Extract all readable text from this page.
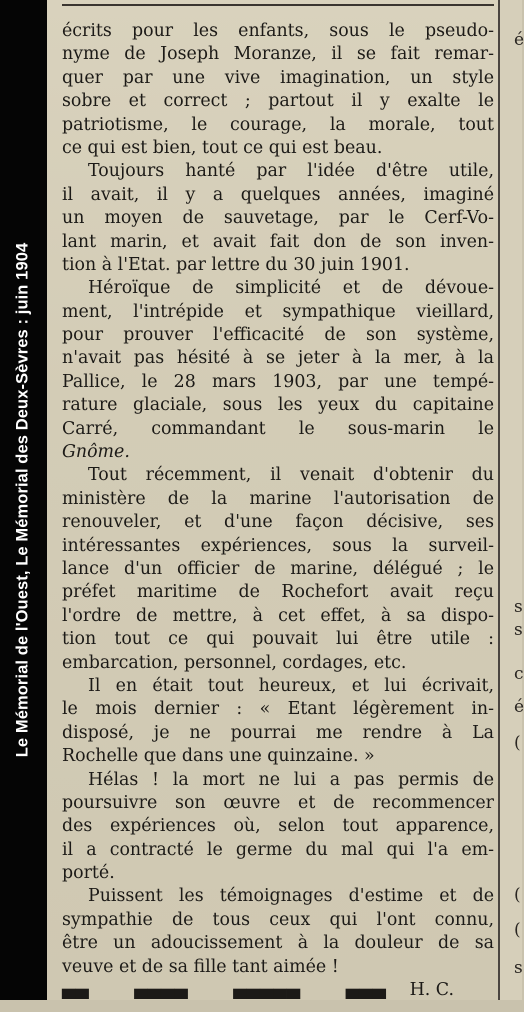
Le Mémorial de l'Ouest, Le Mémorial des Deux-Sèvres : juin 1904
é
s
s
c
é
(
(
(
s
écrits pour les enfants, sous le pseudo-
nyme de Joseph Moranze, il se fait remar-
quer par une vive imagination, un style
sobre et correct ; partout il y exalte le
patriotisme, le courage, la morale, tout
ce qui est bien, tout ce qui est beau.
Toujours hanté par l'idée d'être utile,
il avait, il y a quelques années, imaginé
un moyen de sauvetage, par le Cerf-Vo-
lant marin, et avait fait don de son inven-
tion à l'Etat. par lettre du 30 juin 1901.
Héroïque de simplicité et de dévoue-
ment, l'intrépide et sympathique vieillard,
pour prouver l'efficacité de son système,
n'avait pas hésité à se jeter à la mer, à la
Pallice, le 28 mars 1903, par une tempé-
rature glaciale, sous les yeux du capitaine
Carré, commandant le sous-marin le
Gnôme.
Tout récemment, il venait d'obtenir du
ministère de la marine l'autorisation de
renouveler, et d'une façon décisive, ses
intéressantes expériences, sous la surveil-
lance d'un officier de marine, délégué ; le
préfet maritime de Rochefort avait reçu
l'ordre de mettre, à cet effet, à sa dispo-
tion tout ce qui pouvait lui être utile :
embarcation, personnel, cordages, etc.
Il en était tout heureux, et lui écrivait,
le mois dernier : « Etant légèrement in-
disposé, je ne pourrai me rendre à La
Rochelle que dans une quinzaine. »
Hélas ! la mort ne lui a pas permis de
poursuivre son œuvre et de recommencer
des expériences où, selon tout apparence,
il a contracté le germe du mal qui l'a em-
porté.
Puissent les témoignages d'estime et de
sympathie de tous ceux qui l'ont connu,
être un adoucissement à la douleur de sa
veuve et de sa fille tant aimée !
H. C.
▀▀ ▀▀▀▀ ▀▀▀▀▀ ▀▀▀
